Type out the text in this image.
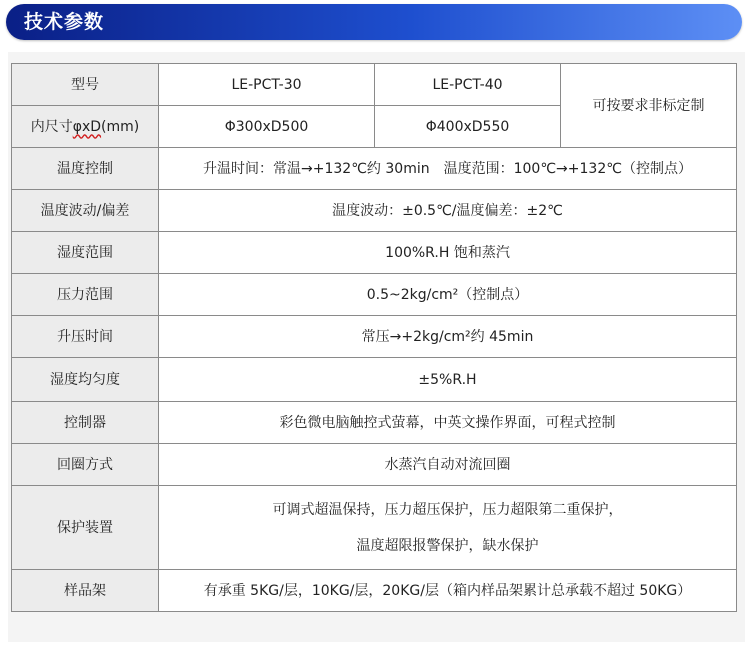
技术参数
型号	LE-PCT-30	LE-PCT-40	可按要求非标定制
内尺寸φxD(mm)	Φ300xD500	Φ400xD550	
温度控制	升温时间：常温→+132℃约 30min　温度范围：100℃→+132℃（控制点）		
温度波动/偏差	温度波动：±0.5℃/温度偏差：±2℃		
湿度范围	100%R.H 饱和蒸汽		
压力范围	0.5~2kg/cm²（控制点）		
升压时间	常压→+2kg/cm²约 45min		
湿度均匀度	±5%R.H		
控制器	彩色微电脑触控式萤幕，中英文操作界面，可程式控制		
回圈方式	水蒸汽自动对流回圈		
保护装置	可调式超温保持，压力超压保护，压力超限第二重保护，
温度超限报警保护，缺水保护		

样品架	有承重 5KG/层，10KG/层，20KG/层（箱内样品架累计总承载不超过 50KG）		
